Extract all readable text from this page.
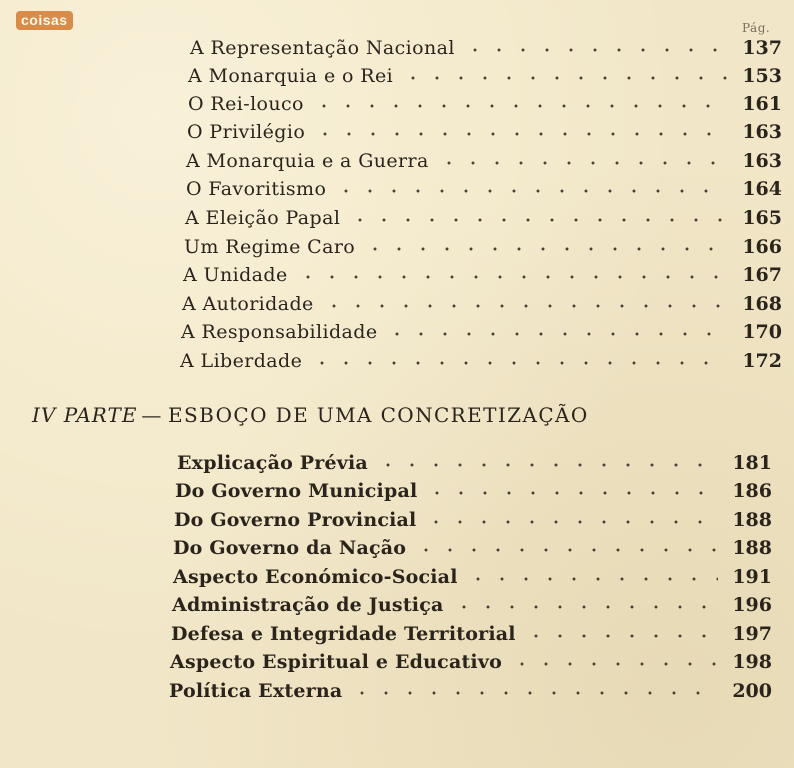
coisas	Pág.
A Representação Nacional	137
A Monarquia e o Rei	153
O Rei-louco	161
O Privilégio	163
A Monarquia e a Guerra	163
O Favoritismo	164
A Eleição Papal	165
Um Regime Caro	166
A Unidade	167
A Autoridade	168
A Responsabilidade	170
A Liberdade	172
IV PARTE — ESBOÇO DE UMA CONCRETIZAÇÃO
Explicação Prévia	181
Do Governo Municipal	186
Do Governo Provincial	188
Do Governo da Nação	188
Aspecto Económico-Social	191
Administração de Justiça	196
Defesa e Integridade Territorial	197
Aspecto Espiritual e Educativo	198
Política Externa	200
